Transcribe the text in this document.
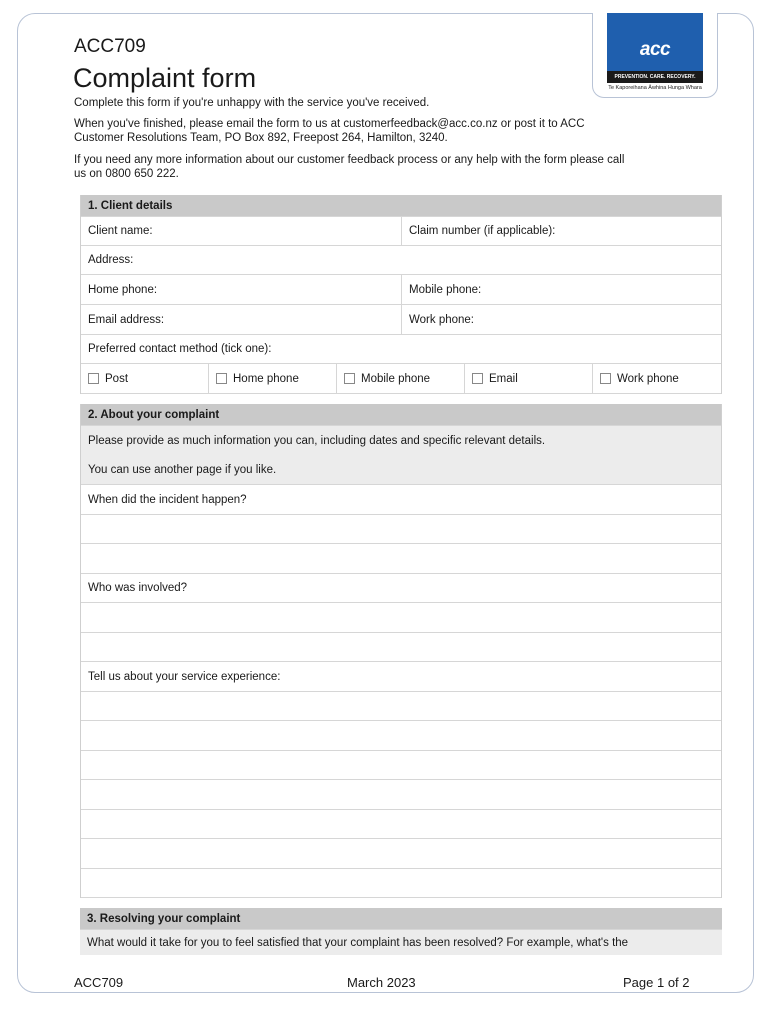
ACC709
Complaint form
Complete this form if you're unhappy with the service you've received.
When you've finished, please email the form to us at customerfeedback@acc.co.nz or post it to ACC
Customer Resolutions Team, PO Box 892, Freepost 264, Hamilton, 3240.
If you need any more information about our customer feedback process or any help with the form please call
us on 0800 650 222.
acc
PREVENTION. CARE. RECOVERY.
Te Kaporeihana Āwhina Hunga Whara
1. Client details
Client name:	Claim number (if applicable):
Address:
Home phone:	Mobile phone:
Email address:	Work phone:
Preferred contact method (tick one):
Post	Home phone	Mobile phone	Email	Work phone
2. About your complaint
Please provide as much information you can, including dates and specific relevant details.
You can use another page if you like.
When did the incident happen?
Who was involved?
Tell us about your service experience:
3. Resolving your complaint
What would it take for you to feel satisfied that your complaint has been resolved? For example, what's the
ACC709	March 2023	Page 1 of 2
